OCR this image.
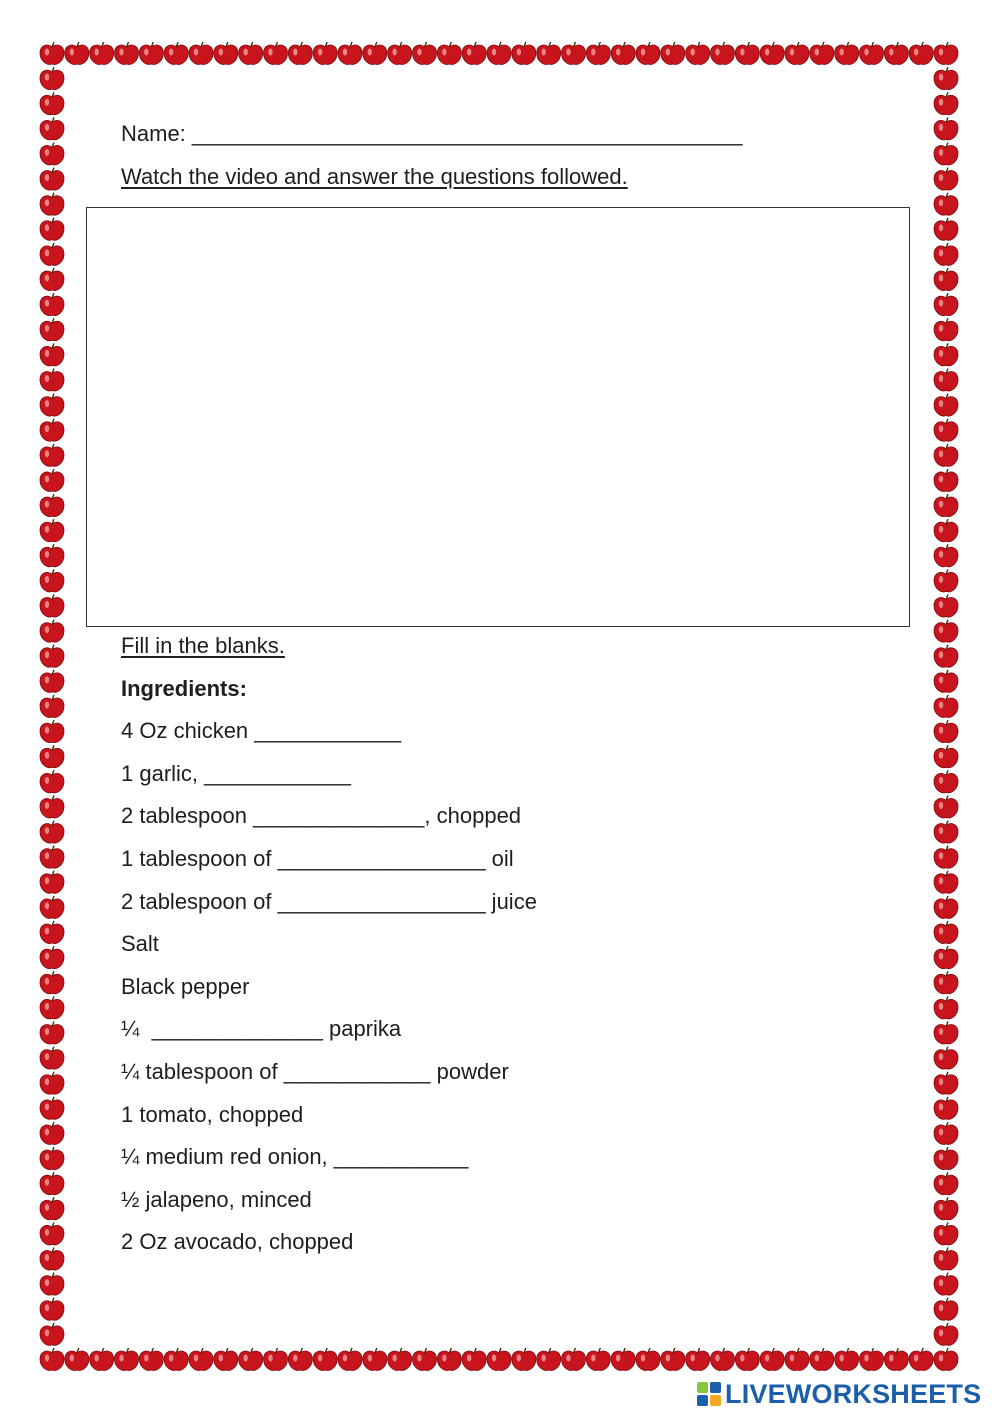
Name: _____________________________________________
Watch the video and answer the questions followed.
Fill in the blanks.
Ingredients:
4 Oz chicken ____________
1 garlic, ____________
2 tablespoon ______________, chopped
1 tablespoon of _________________ oil
2 tablespoon of _________________ juice
Salt
Black pepper
¼  ______________ paprika
¼ tablespoon of ____________ powder
1 tomato, chopped
¼ medium red onion, ___________
½ jalapeno, minced
2 Oz avocado, chopped
LIVEWORKSHEETS
